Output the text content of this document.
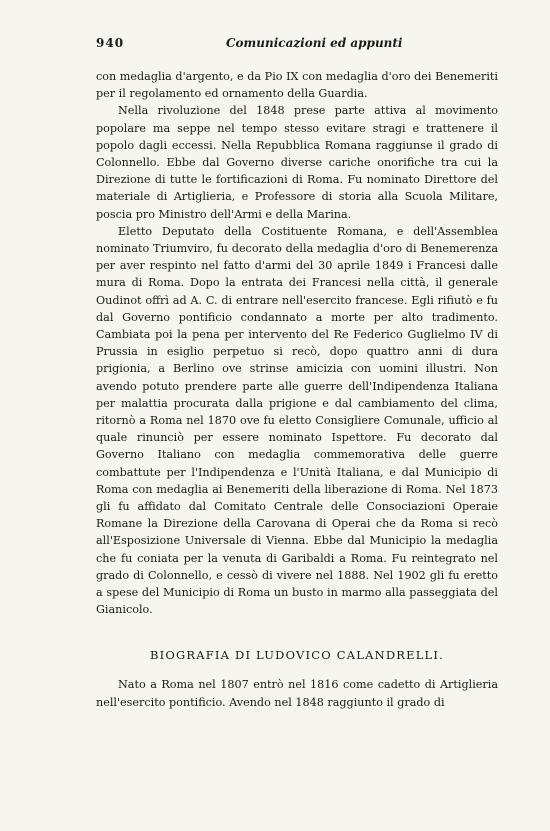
940	Comunicazioni ed appunti

con medaglia d'argento, e da Pio IX con medaglia d'oro dei Benemeriti per il regolamento ed ornamento della Guardia.

Nella rivoluzione del 1848 prese parte attiva al movimento popolare ma seppe nel tempo stesso evitare stragi e trattenere il popolo dagli eccessi. Nella Repubblica Romana raggiunse il grado di Colonnello. Ebbe dal Governo diverse cariche onorifiche tra cui la Direzione di tutte le fortificazioni di Roma. Fu nominato Direttore del materiale di Artiglieria, e Professore di storia alla Scuola Militare, poscia pro Ministro dell'Armi e della Marina.

Eletto Deputato della Costituente Romana, e dell'Assemblea nominato Triumviro, fu decorato della medaglia d'oro di Benemerenza per aver respinto nel fatto d'armi del 30 aprile 1849 i Francesi dalle mura di Roma. Dopo la entrata dei Francesi nella città, il generale Oudinot offrì ad A. C. di entrare nell'esercito francese. Egli rifiutò e fu dal Governo pontificio condannato a morte per alto tradimento. Cambiata poi la pena per intervento del Re Federico Guglielmo IV di Prussia in esiglio perpetuo si recò, dopo quattro anni di dura prigionia, a Berlino ove strinse amicizia con uomini illustri. Non avendo potuto prendere parte alle guerre dell'Indipendenza Italiana per malattia procurata dalla prigione e dal cambiamento del clima, ritornò a Roma nel 1870 ove fu eletto Consigliere Comunale, ufficio al quale rinunciò per essere nominato Ispettore. Fu decorato dal Governo Italiano con medaglia commemorativa delle guerre combattute per l'Indipendenza e l'Unità Italiana, e dal Municipio di Roma con medaglia ai Benemeriti della liberazione di Roma. Nel 1873 gli fu affidato dal Comitato Centrale delle Consociazioni Operaie Romane la Direzione della Carovana di Operai che da Roma si recò all'Esposizione Universale di Vienna. Ebbe dal Municipio la medaglia che fu coniata per la venuta di Garibaldi a Roma. Fu reintegrato nel grado di Colonnello, e cessò di vivere nel 1888. Nel 1902 gli fu eretto a spese del Municipio di Roma un busto in marmo alla passeggiata del Gianicolo.

BIOGRAFIA DI LUDOVICO CALANDRELLI.

Nato a Roma nel 1807 entrò nel 1816 come cadetto di Artiglieria nell'esercito pontificio. Avendo nel 1848 raggiunto il grado di
